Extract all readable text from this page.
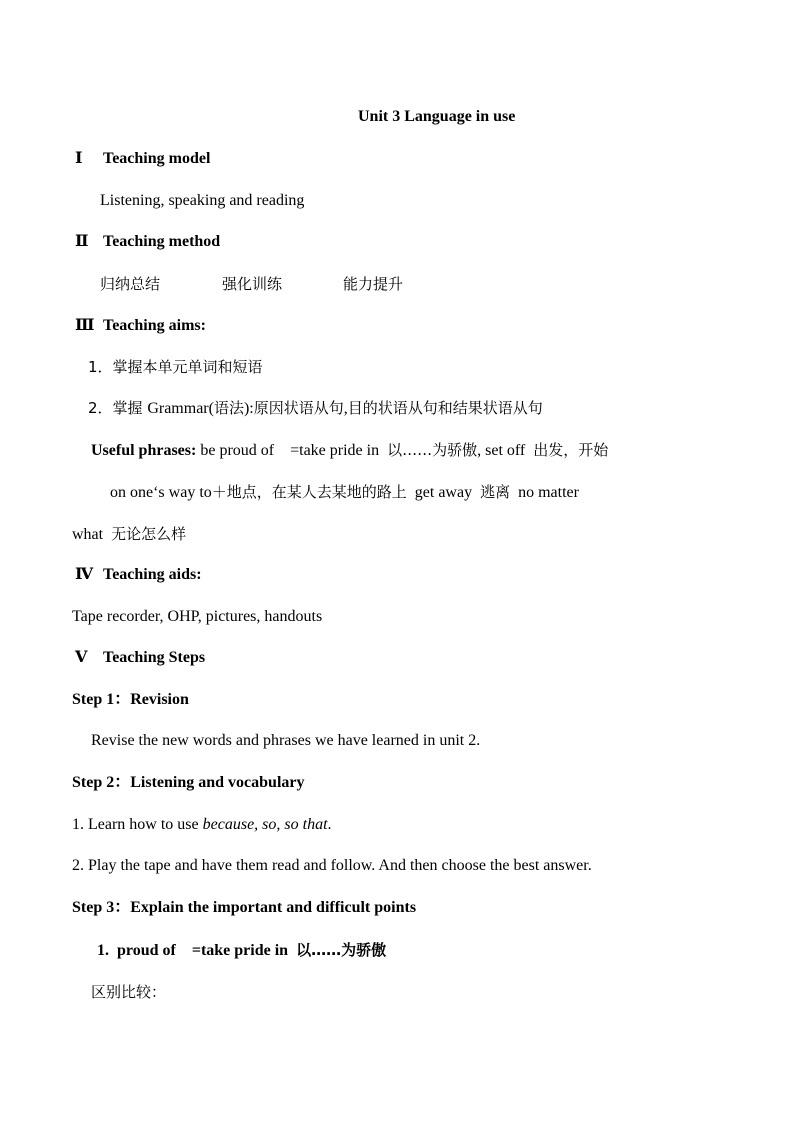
Unit 3 Language in use
Ⅰ Teaching model
Listening, speaking and reading
Ⅱ Teaching method
归纳总结	强化训练	能力提升
Ⅲ Teaching aims:
1．掌握本单元单词和短语
2．掌握 Grammar(语法):原因状语从句,目的状语从句和结果状语从句
Useful phrases: be proud of    =take pride in  以……为骄傲, set off  出发，开始
on one‘s way to＋地点，在某人去某地的路上  get away  逃离  no matter
what  无论怎么样
Ⅳ Teaching aids:
Tape recorder, OHP, pictures, handouts
Ⅴ Teaching Steps
Step 1：Revision
Revise the new words and phrases we have learned in unit 2.
Step 2：Listening and vocabulary
1. Learn how to use because, so, so that.
2. Play the tape and have them read and follow. And then choose the best answer.
Step 3：Explain the important and difficult points
1.  proud of    =take pride in  以……为骄傲
区别比较：
